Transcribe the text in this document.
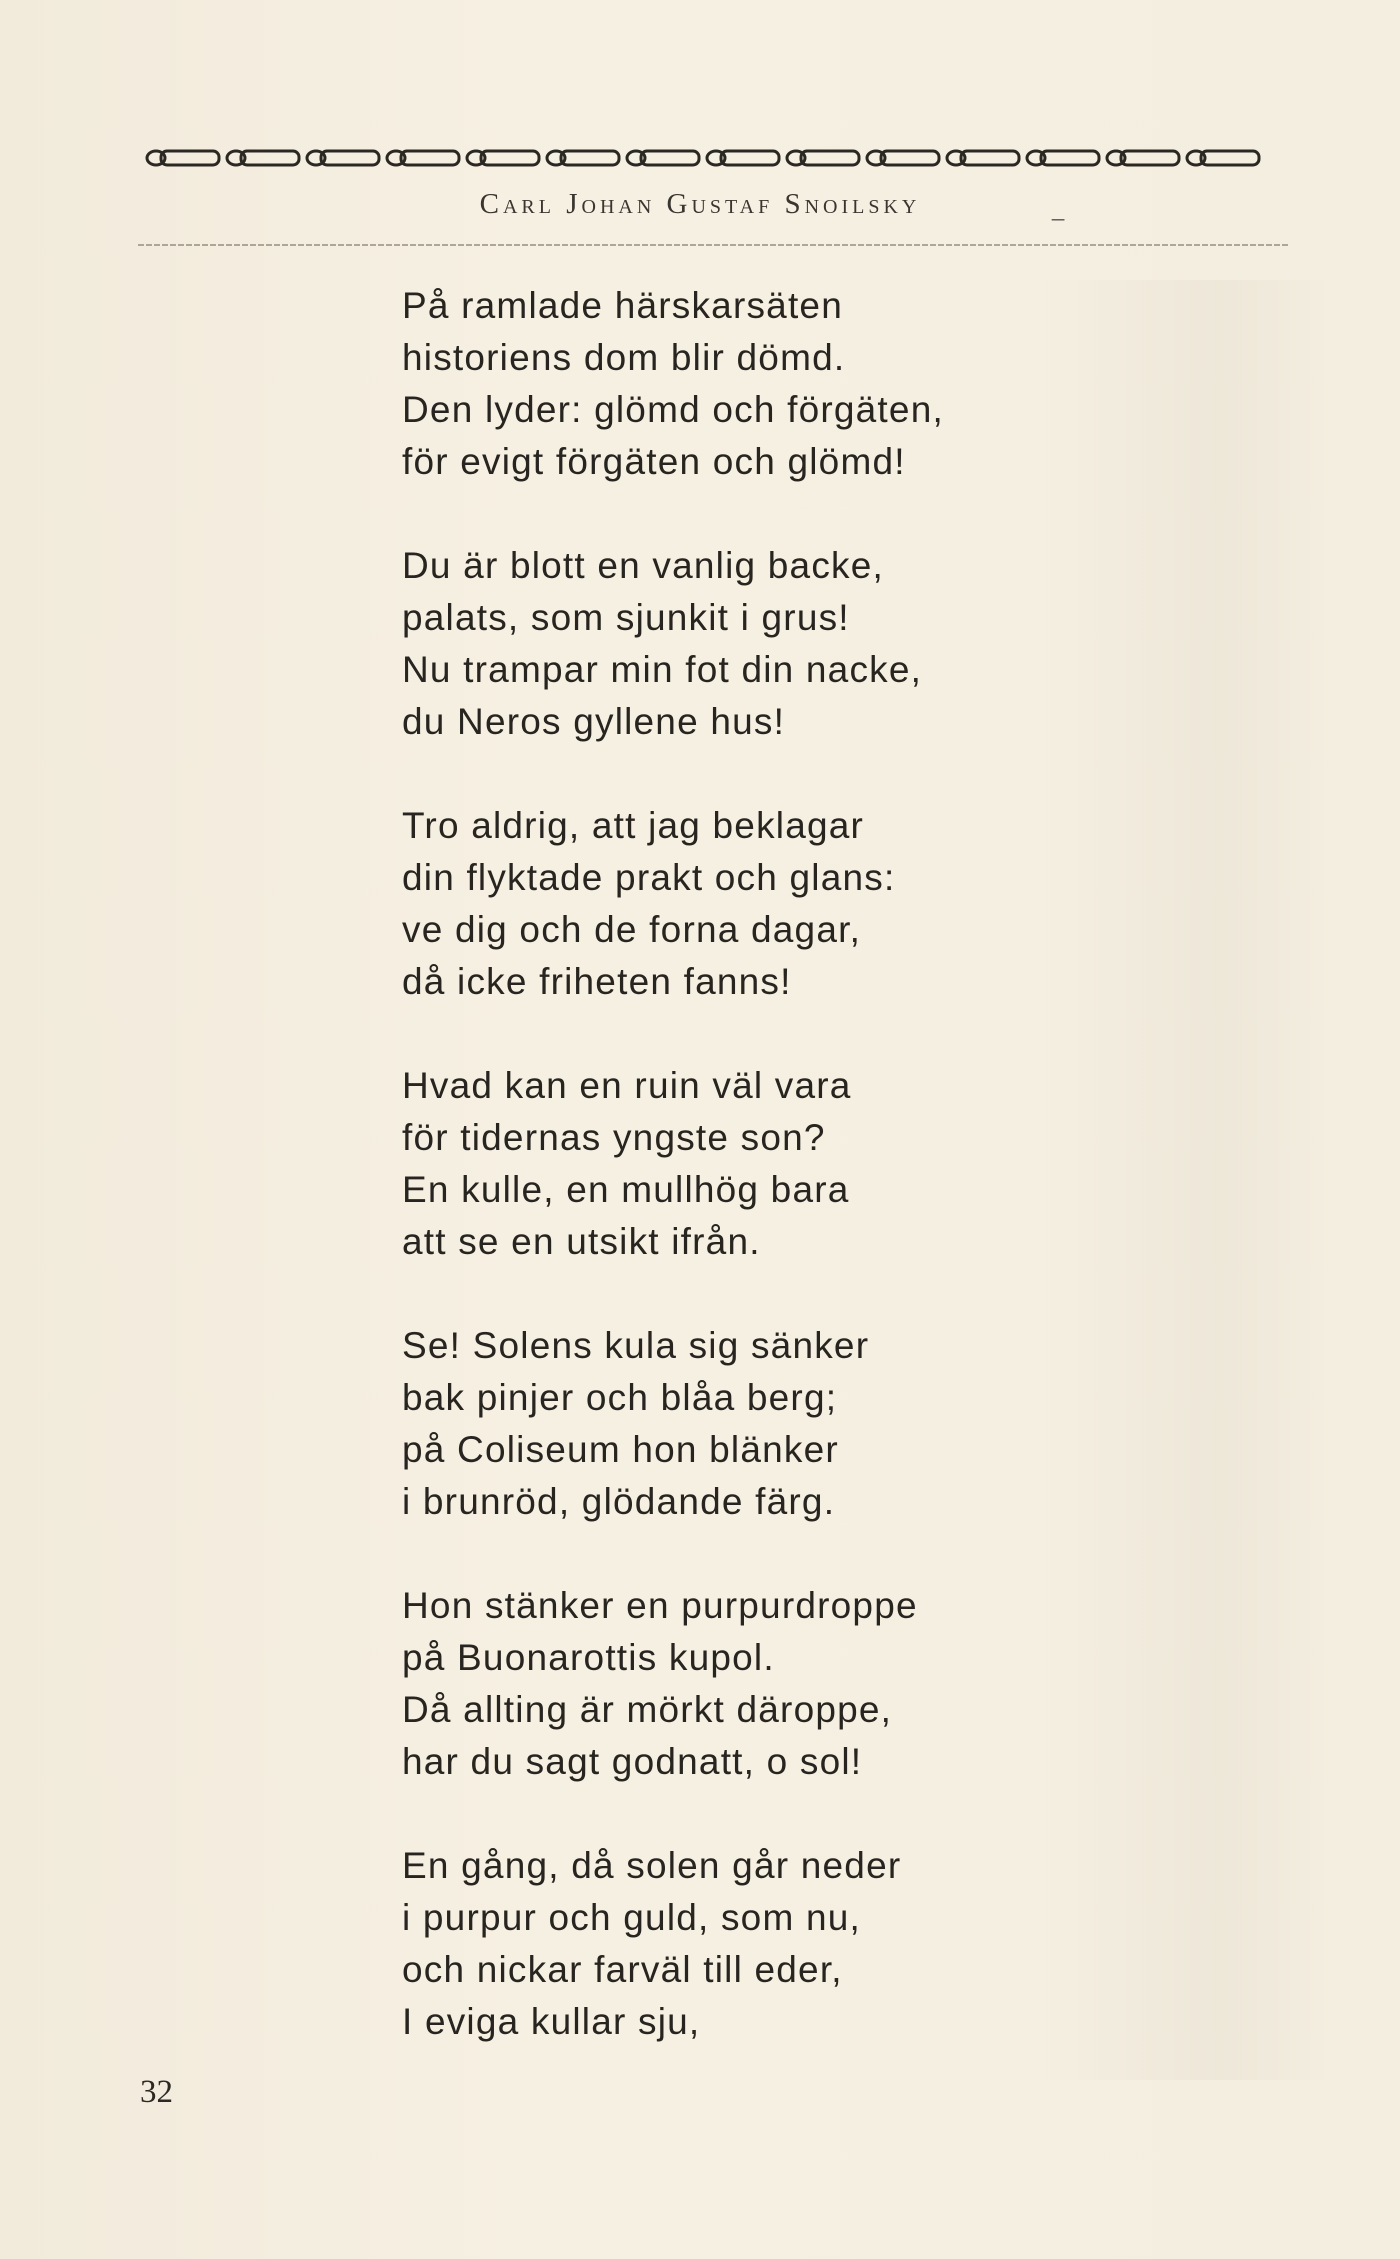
Carl Johan Gustaf Snoilsky	_
På ramlade härskarsäten
historiens dom blir dömd.
Den lyder: glömd och förgäten,
för evigt förgäten och glömd!
Du är blott en vanlig backe,
palats, som sjunkit i grus!
Nu trampar min fot din nacke,
du Neros gyllene hus!
Tro aldrig, att jag beklagar
din flyktade prakt och glans:
ve dig och de forna dagar,
då icke friheten fanns!
Hvad kan en ruin väl vara
för tidernas yngste son?
En kulle, en mullhög bara
att se en utsikt ifrån.
Se! Solens kula sig sänker
bak pinjer och blåa berg;
på Coliseum hon blänker
i brunröd, glödande färg.
Hon stänker en purpurdroppe
på Buonarottis kupol.
Då allting är mörkt däroppe,
har du sagt godnatt, o sol!
En gång, då solen går neder
i purpur och guld, som nu,
och nickar farväl till eder,
I eviga kullar sju,
32
